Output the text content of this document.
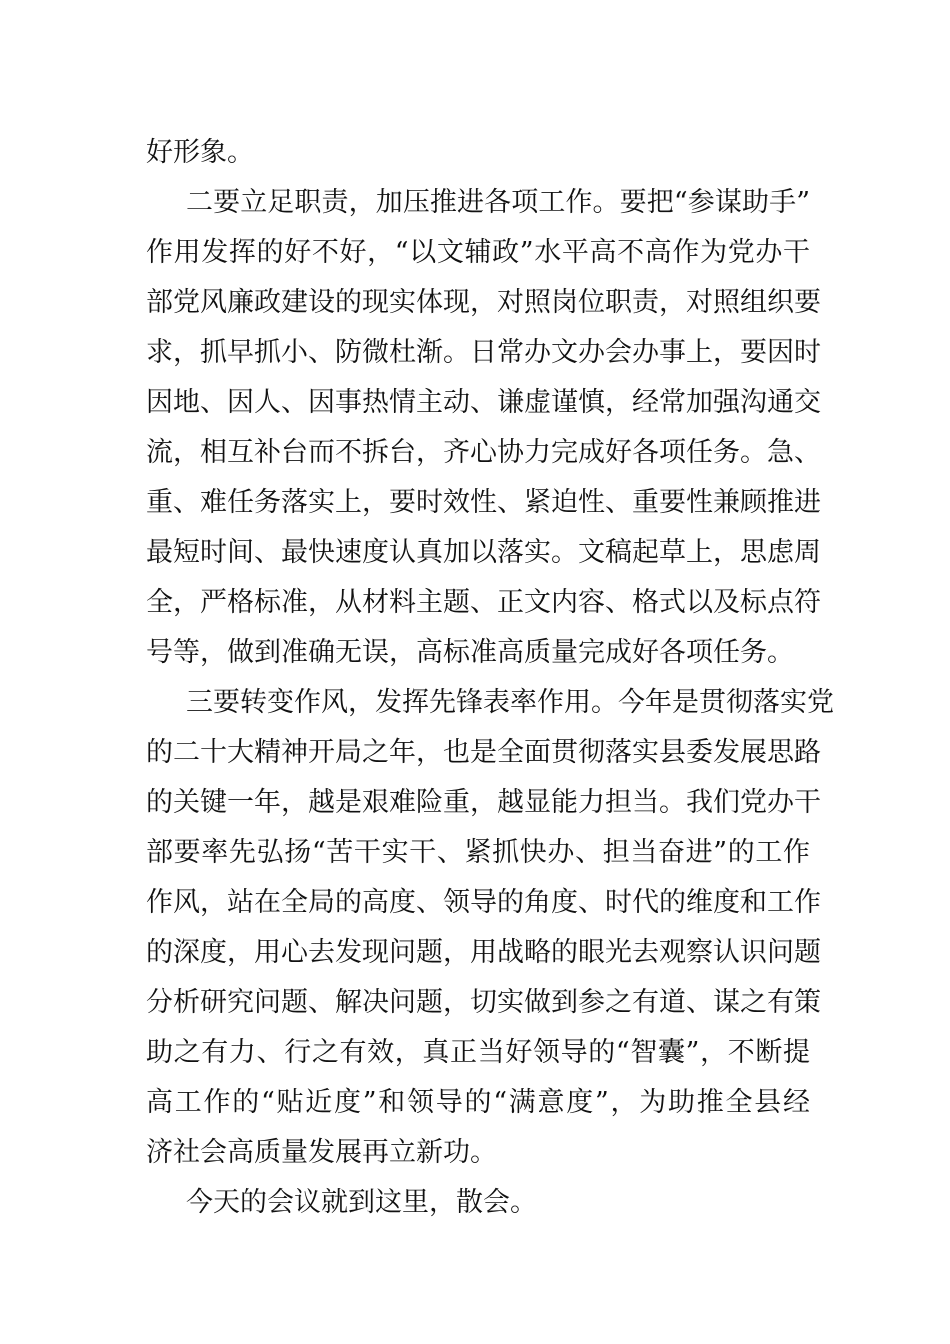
好形象。
二要立足职责，加压推进各项工作。要把“参谋助手”
作用发挥的好不好，“以文辅政”水平高不高作为党办干
部党风廉政建设的现实体现，对照岗位职责，对照组织要
求，抓早抓小、防微杜渐。日常办文办会办事上，要因时
因地、因人、因事热情主动、谦虚谨慎，经常加强沟通交
流，相互补台而不拆台，齐心协力完成好各项任务。急、
重、难任务落实上，要时效性、紧迫性、重要性兼顾推进
最短时间、最快速度认真加以落实。文稿起草上，思虑周
全，严格标准，从材料主题、正文内容、格式以及标点符
号等，做到准确无误，高标准高质量完成好各项任务。
三要转变作风，发挥先锋表率作用。今年是贯彻落实党
的二十大精神开局之年，也是全面贯彻落实县委发展思路
的关键一年，越是艰难险重，越显能力担当。我们党办干
部要率先弘扬“苦干实干、紧抓快办、担当奋进”的工作
作风，站在全局的高度、领导的角度、时代的维度和工作
的深度，用心去发现问题，用战略的眼光去观察认识问题
分析研究问题、解决问题，切实做到参之有道、谋之有策
助之有力、行之有效，真正当好领导的“智囊”，不断提
高工作的“贴近度”和领导的“满意度”，为助推全县经
济社会高质量发展再立新功。
今天的会议就到这里，散会。
